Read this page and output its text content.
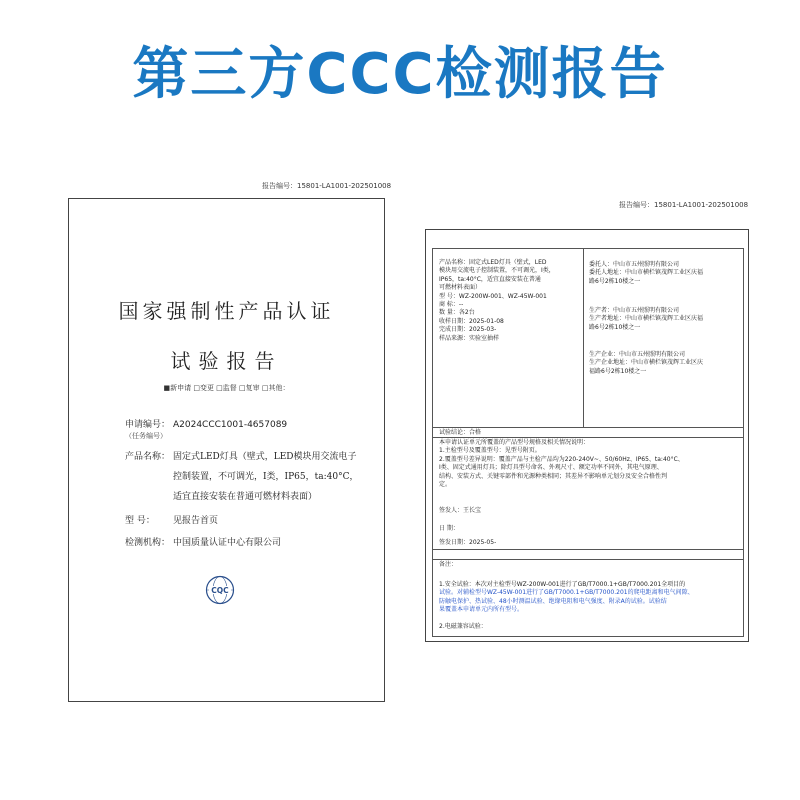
第三方CCC检测报告
报告编号：15801-LA1001-202501008
国家强制性产品认证
试验报告
■新申请 □变更 □监督 □复审 □其他：
申请编号： A2024CCC1001-4657089
（任务编号）
产品名称： 固定式LED灯具（壁式，LED模块用交流电子
控制装置，不可调光，I类，IP65，ta:40°C，
适宜直接安装在普通可燃材料表面）
型 号： 见报告首页
检测机构： 中国质量认证中心有限公司
CQC
报告编号：15801-LA1001-202501008
产品名称：固定式LED灯具（壁式，LED
模块用交流电子控制装置，不可调光，I类，
IP65，ta:40°C，适宜直接安装在普通
可燃材料表面）
型 号：WZ-200W-001、WZ-45W-001
商 标：--
数 量：各2台
收样日期：2025-01-08
完成日期：2025-03-
样品来源：实验室抽样
委托人：中山市五州照明有限公司
委托人地址：中山市横栏镇茂辉工业区庆福
路6号2栋10楼之一
生产者：中山市五州照明有限公司
生产者地址：中山市横栏镇茂辉工业区庆福
路6号2栋10楼之一
生产企业：中山市五州照明有限公司
生产企业地址：中山市横栏镇茂辉工业区庆
福路6号2栋10楼之一
试验结论：合格
本申请认证单元所覆盖的产品型号规格及相关情况说明：
1.主检型号及覆盖型号：见型号附页。
2.覆盖型号差异说明：覆盖产品与主检产品均为220-240V~、50/60Hz、IP65、ta:40°C、
I类、固定式通用灯具；除灯具型号命名、外观尺寸、额定功率不同外，其电气原理、
结构、安装方式、关键零部件和光源种类相同；其差异不影响单元划分及安全合格性判
定。
签发人：王长宝
日 期：
签发日期：2025-05-
备注：
1.安全试验：本次对主检型号WZ-200W-001进行了GB/T7000.1+GB/T7000.201全项目的
试验。对辅检型号WZ-45W-001进行了GB/T7000.1+GB/T7000.201的爬电距离和电气间隙、
防触电保护、热试验、48小时测温试验、绝缘电阻和电气强度、附录A的试验。试验结
果覆盖本申请单元内所有型号。
2.电磁兼容试验：
